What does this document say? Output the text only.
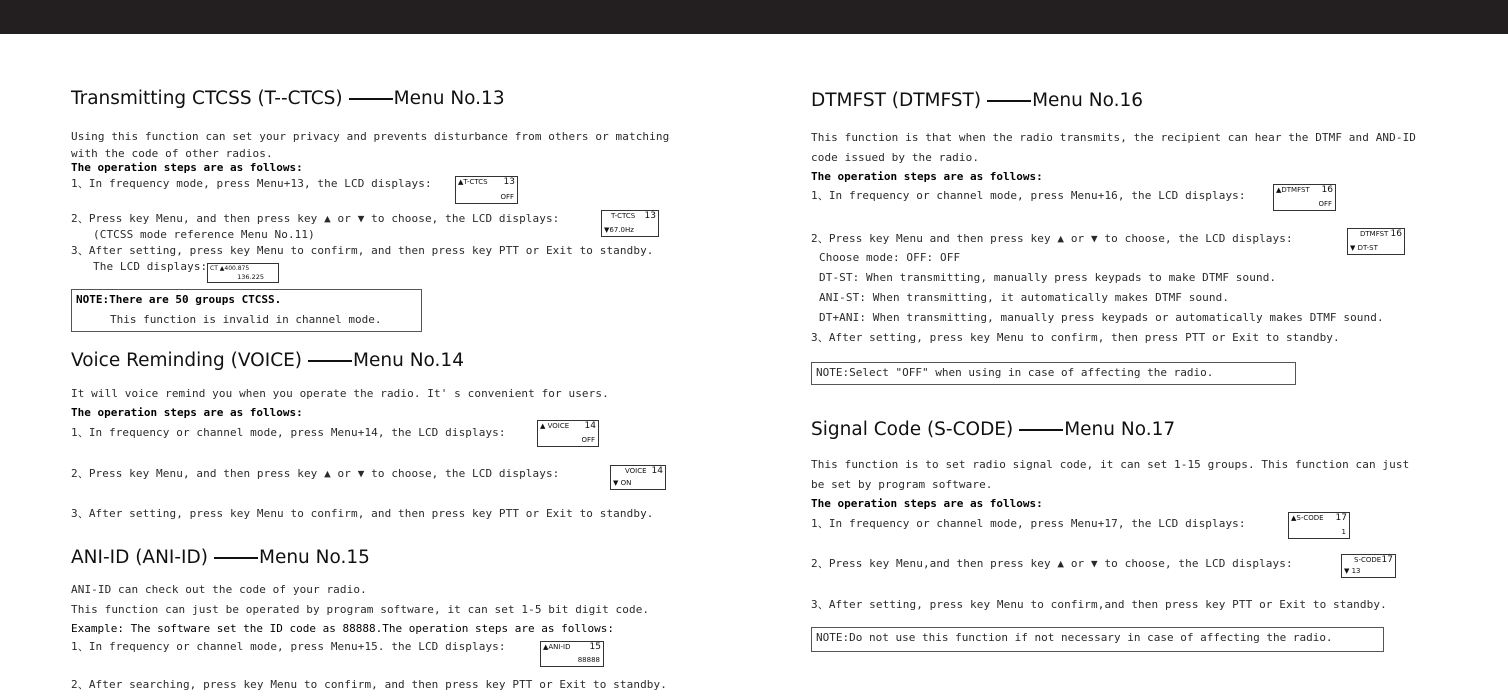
Transmitting CTCSS (T--CTCS)	Menu No.13
Using this function can set your privacy and prevents disturbance from others or matching
with the code of other radios.
The operation steps are as follows:
1、In frequency mode, press Menu+13, the LCD displays:	▲T-CTCS 13
OFF
2、Press key Menu, and then press key ▲ or ▼ to choose, the LCD displays:	T-CTCS 13
▼67.0Hz
(CTCSS mode reference Menu No.11)
3、After setting, press key Menu to confirm, and then press key PTT or Exit to standby.
The LCD displays: CT ▲400.875
136.225
NOTE:There are 50 groups CTCSS.
This function is invalid in channel mode.
Voice Reminding (VOICE)	Menu No.14
It will voice remind you when you operate the radio. It' s convenient for users.
The operation steps are as follows:
1、In frequency or channel mode, press Menu+14, the LCD displays:	▲ VOICE 14
OFF
2、Press key Menu, and then press key ▲ or ▼ to choose, the LCD displays:	VOICE 14
▼ ON
3、After setting, press key Menu to confirm, and then press key PTT or Exit to standby.
ANI-ID (ANI-ID)	Menu No.15
ANI-ID can check out the code of your radio.
This function can just be operated by program software, it can set 1-5 bit digit code.
Example: The software set the ID code as 88888.The operation steps are as follows:
1、In frequency or channel mode, press Menu+15. the LCD displays:	▲ANI-ID 15
88888
2、After searching, press key Menu to confirm, and then press key PTT or Exit to standby.
DTMFST (DTMFST)	Menu No.16
This function is that when the radio transmits, the recipient can hear the DTMF and AND-ID
code issued by the radio.
The operation steps are as follows:
1、In frequency or channel mode, press Menu+16, the LCD displays:	▲DTMFST 16
OFF
2、Press key Menu and then press key ▲ or ▼ to choose, the LCD displays:	DTMFST 16
▼ DT-ST
Choose mode: OFF: OFF
DT-ST: When transmitting, manually press keypads to make DTMF sound.
ANI-ST: When transmitting, it automatically makes DTMF sound.
DT+ANI: When transmitting, manually press keypads or automatically makes DTMF sound.
3、After setting, press key Menu to confirm, then press PTT or Exit to standby.
NOTE:Select "OFF" when using in case of affecting the radio.
Signal Code (S-CODE)	Menu No.17
This function is to set radio signal code, it can set 1-15 groups. This function can just
be set by program software.
The operation steps are as follows:
1、In frequency or channel mode, press Menu+17, the LCD displays:	▲S-CODE 17
1
2、Press key Menu,and then press key ▲ or ▼ to choose, the LCD displays:	S-CODE 17
▼ 13
3、After setting, press key Menu to confirm,and then press key PTT or Exit to standby.
NOTE:Do not use this function if not necessary in case of affecting the radio.
